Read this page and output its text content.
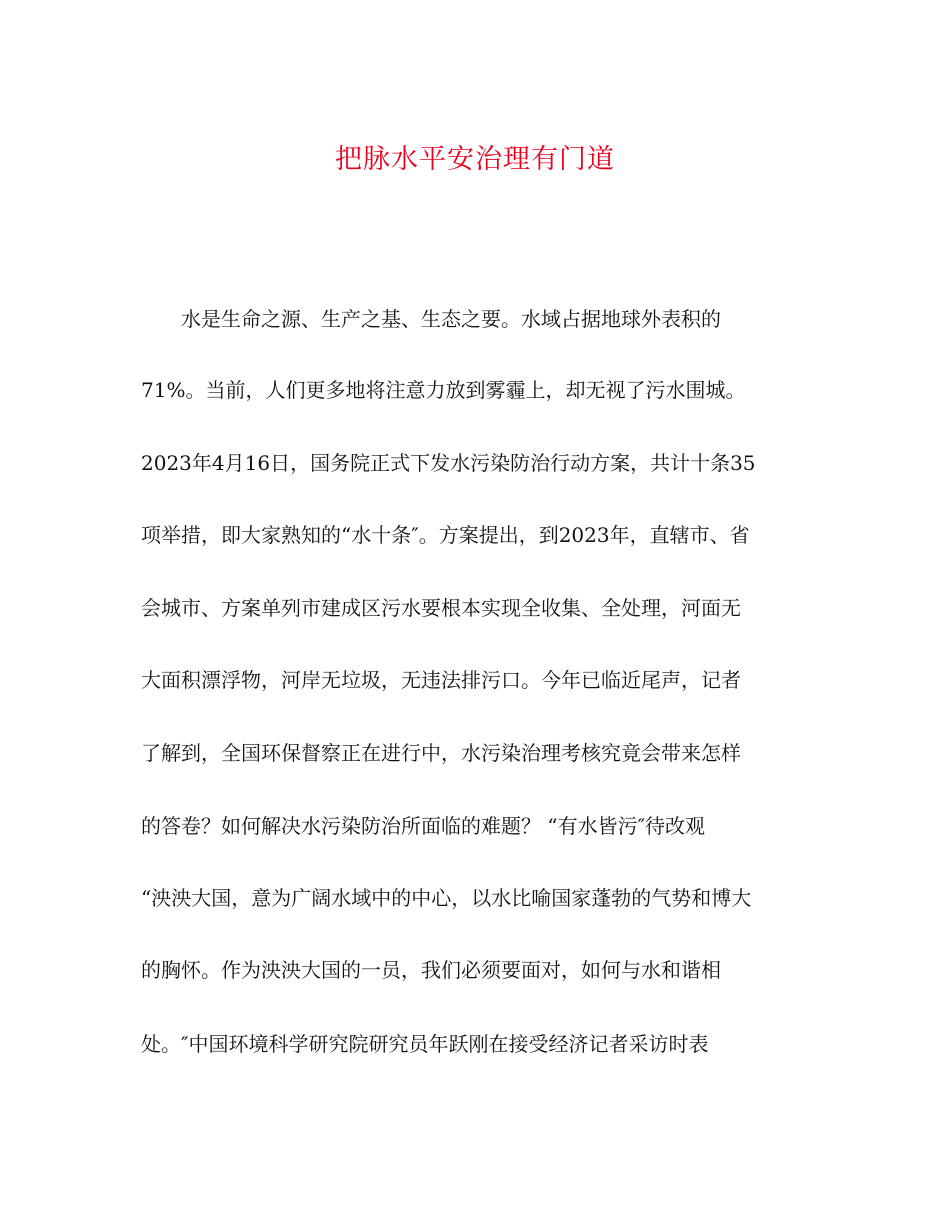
把脉水平安治理有门道
水是生命之源、生产之基、生态之要。水域占据地球外表积的
71%。当前，人们更多地将注意力放到雾霾上，却无视了污水围城。
2023年4月16日，国务院正式下发水污染防治行动方案，共计十条35
项举措，即大家熟知的“水十条″。方案提出，到2023年，直辖市、省
会城市、方案单列市建成区污水要根本实现全收集、全处理，河面无
大面积漂浮物，河岸无垃圾，无违法排污口。今年已临近尾声，记者
了解到，全国环保督察正在进行中，水污染治理考核究竟会带来怎样
的答卷？如何解决水污染防治所面临的难题？ “有水皆污″待改观
“泱泱大国，意为广阔水域中的中心，以水比喻国家蓬勃的气势和博大
的胸怀。作为泱泱大国的一员，我们必须要面对，如何与水和谐相
处。″中国环境科学研究院研究员年跃刚在接受经济记者采访时表
